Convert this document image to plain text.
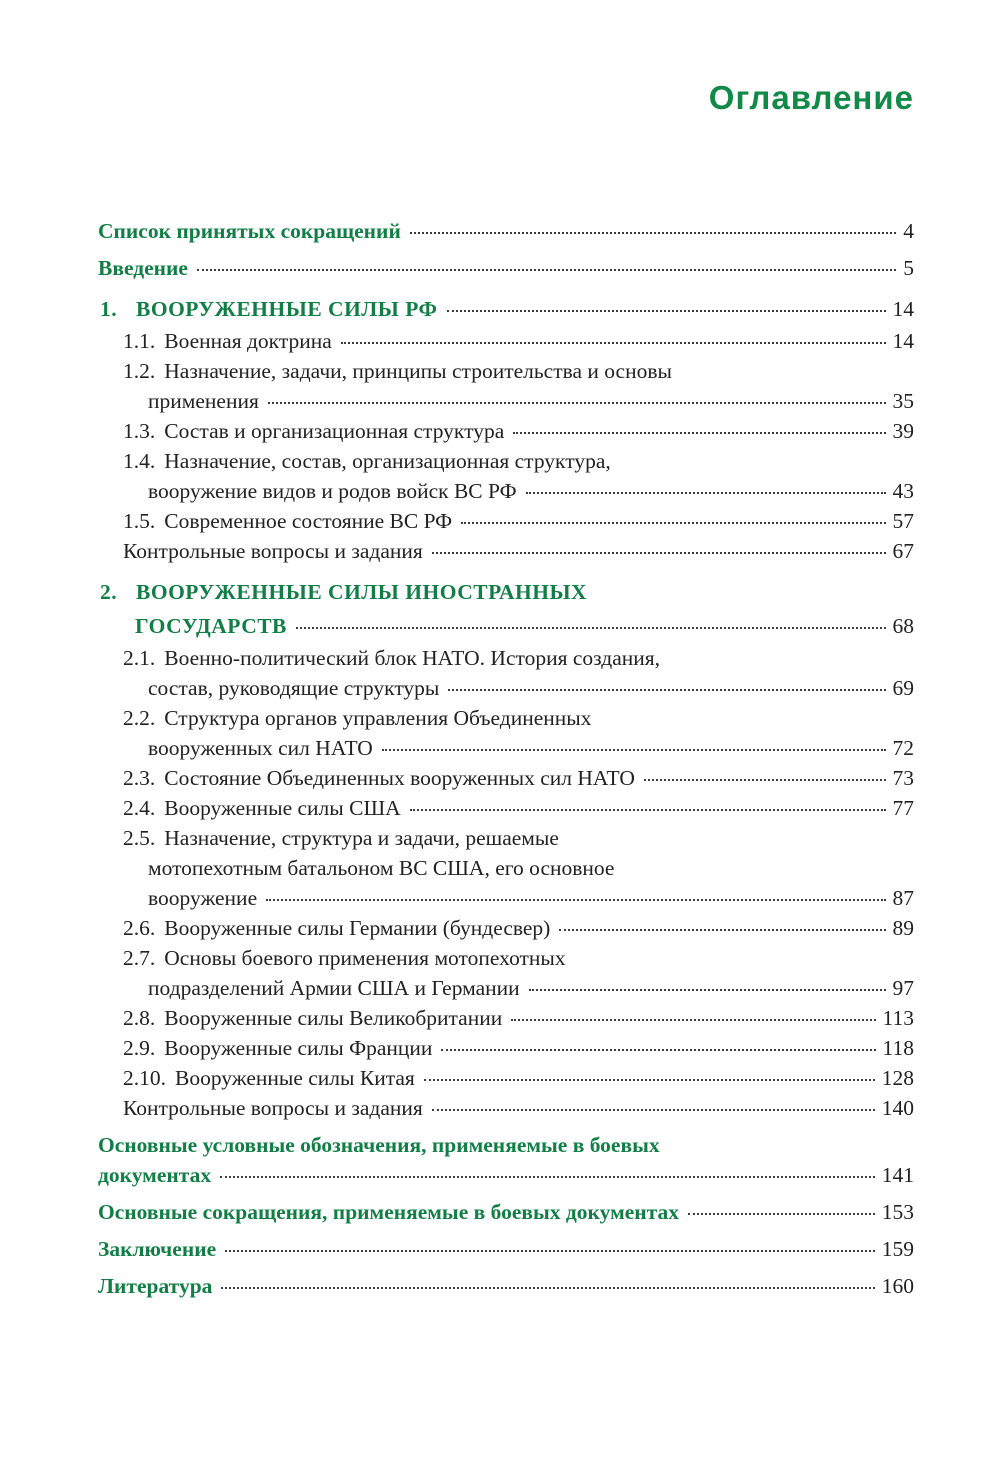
Оглавление
Список принятых сокращений	4
Введение	5
1. ВООРУЖЕННЫЕ СИЛЫ РФ	14
1.1. Военная доктрина	14
1.2. Назначение, задачи, принципы строительства и основы
применения	35
1.3. Состав и организационная структура	39
1.4. Назначение, состав, организационная структура,
вооружение видов и родов войск ВС РФ	43
1.5. Современное состояние ВС РФ	57
Контрольные вопросы и задания	67
2. ВООРУЖЕННЫЕ СИЛЫ ИНОСТРАННЫХ
ГОСУДАРСТВ	68
2.1. Военно-политический блок НАТО. История создания,
состав, руководящие структуры	69
2.2. Структура органов управления Объединенных
вооруженных сил НАТО	72
2.3. Состояние Объединенных вооруженных сил НАТО	73
2.4. Вооруженные силы США	77
2.5. Назначение, структура и задачи, решаемые
мотопехотным батальоном ВС США, его основное
вооружение	87
2.6. Вооруженные силы Германии (бундесвер)	89
2.7. Основы боевого применения мотопехотных
подразделений Армии США и Германии	97
2.8. Вооруженные силы Великобритании	113
2.9. Вооруженные силы Франции	118
2.10. Вооруженные силы Китая	128
Контрольные вопросы и задания	140
Основные условные обозначения, применяемые в боевых
документах	141
Основные сокращения, применяемые в боевых документах	153
Заключение	159
Литература	160
